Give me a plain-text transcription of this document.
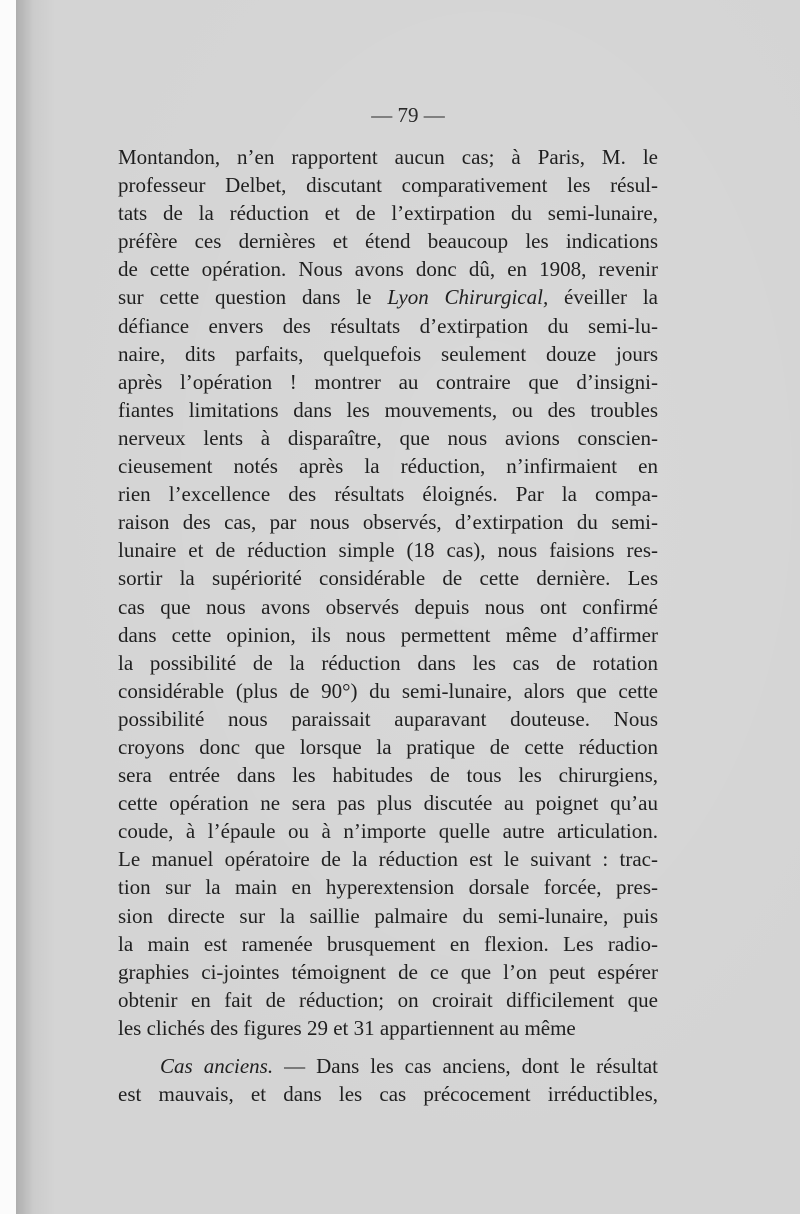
— 79 —

Montandon, n’en rapportent aucun cas; à Paris, M. le
professeur Delbet, discutant comparativement les résul-
tats de la réduction et de l’extirpation du semi-lunaire,
préfère ces dernières et étend beaucoup les indications
de cette opération. Nous avons donc dû, en 1908, revenir
sur cette question dans le Lyon Chirurgical, éveiller la
défiance envers des résultats d’extirpation du semi-lu-
naire, dits parfaits, quelquefois seulement douze jours
après l’opération ! montrer au contraire que d’insigni-
fiantes limitations dans les mouvements, ou des troubles
nerveux lents à disparaître, que nous avions conscien-
cieusement notés après la réduction, n’infirmaient en
rien l’excellence des résultats éloignés. Par la compa-
raison des cas, par nous observés, d’extirpation du semi-
lunaire et de réduction simple (18 cas), nous faisions res-
sortir la supériorité considérable de cette dernière. Les
cas que nous avons observés depuis nous ont confirmé
dans cette opinion, ils nous permettent même d’affirmer
la possibilité de la réduction dans les cas de rotation
considérable (plus de 90°) du semi-lunaire, alors que cette
possibilité nous paraissait auparavant douteuse. Nous
croyons donc que lorsque la pratique de cette réduction
sera entrée dans les habitudes de tous les chirurgiens,
cette opération ne sera pas plus discutée au poignet qu’au
coude, à l’épaule ou à n’importe quelle autre articulation.
Le manuel opératoire de la réduction est le suivant : trac-
tion sur la main en hyperextension dorsale forcée, pres-
sion directe sur la saillie palmaire du semi-lunaire, puis
la main est ramenée brusquement en flexion. Les radio-
graphies ci-jointes témoignent de ce que l’on peut espérer
obtenir en fait de réduction; on croirait difficilement que
les clichés des figures 29 et 31 appartiennent au même
Cas anciens. — Dans les cas anciens, dont le résultat
est mauvais, et dans les cas précocement irréductibles,
